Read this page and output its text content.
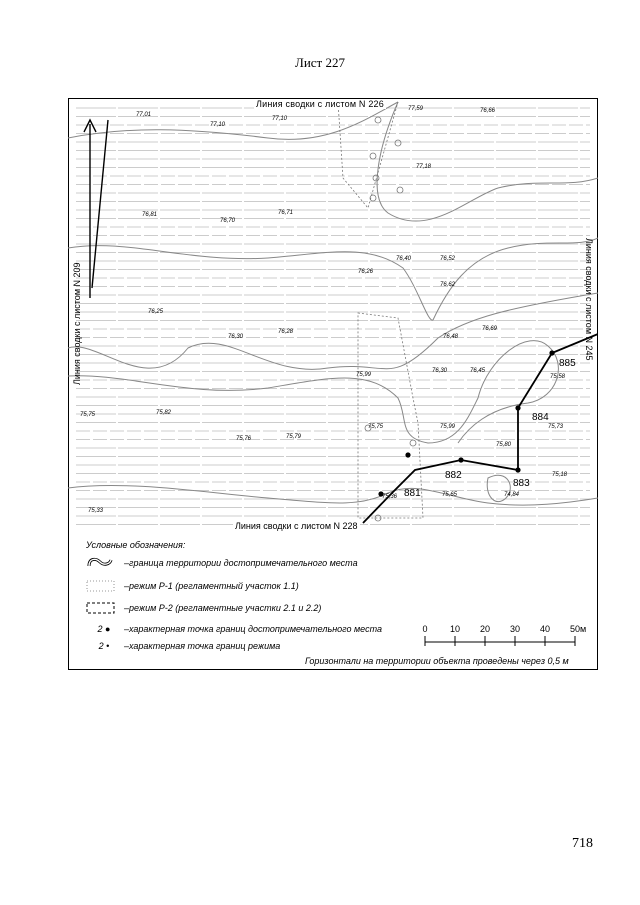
Лист 227
881
882
883
884
885
77,01
77,10
77,10
77,59	76,66
77,18
76,81
76,70
76,71
76,40	76,52
76,62
76,25
76,28
76,30
76,26
76,48
76,69
75,99
76,30	76,45
75,58
75,75	75,82
75,76	75,79
75,75	75,99
75,80
75,73
75,18
75,36	75,65	74,84
75,33
Линия сводки с листом N 226
Линия сводки с листом N 228
Линия сводки с листом N 209	Линия сводки с листом N 245
Условные обозначения:
–граница территории достопримечательного места
–режим Р-1 (регламентный участок 1.1)
–режим Р-2 (регламентные участки 2.1 и 2.2)
2 ●	–характерная точка границ достопримечательного места
2 •	–характерная точка границ режима
0 10 20 30 40 50 м
Горизонтали на территории объекта проведены через 0,5 м
718
